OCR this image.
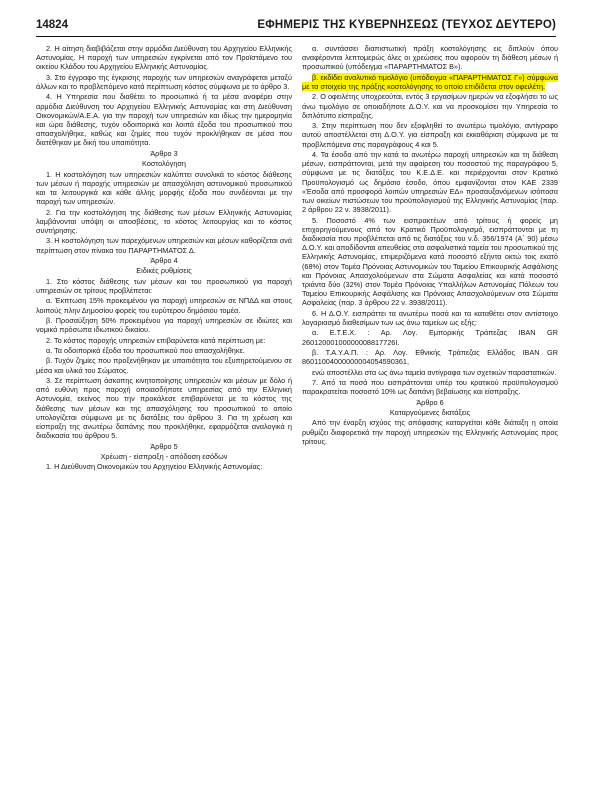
14824	ΕΦΗΜΕΡΙΣ ΤΗΣ ΚΥΒΕΡΝΗΣΕΩΣ (ΤΕΥΧΟΣ ΔΕΥΤΕΡΟ)

2. Η αίτηση διαβιβάζεται στην αρμόδια Διεύθυνση του Αρχηγείου Ελληνικής Αστυνομίας. Η παροχή των υπηρεσιών εγκρίνεται από τον Προϊστάμενο του οικείου Κλάδου του Αρχηγείου Ελληνικής Αστυνομίας.

3. Στο έγγραφο της έγκρισης παροχής των υπηρεσιών αναγράφεται μεταξύ άλλων και το προβλεπόμενο κατά περίπτωση κόστος σύμφωνα με το άρθρο 3.

4. Η Υπηρεσία που διαθέτει το προσωπικό ή τα μέσα αναφέρει στην αρμόδια Διεύθυνση του Αρχηγείου Ελληνικής Αστυνομίας και στη Διεύθυνση Οικονομικών/Α.Ε.Α. για την παροχή των υπηρεσιών και ιδίως την ημερομηνία και ώρα διάθεσης, τυχόν οδοιπορικά και λοιπά έξοδα του προσωπικού που απασχολήθηκε, καθώς και ζημίες που τυχόν προκλήθηκαν σε μέσα που διατέθηκαν με δική του υπαιτιότητα.

Άρθρο 3

Κοστολόγηση

1. Η κοστολόγηση των υπηρεσιών καλύπτει συνολικά το κόστος διάθεσης των μέσων ή παροχής υπηρεσιών με απασχόληση αστυνομικού προσωπικού και τα λειτουργικά και κάθε άλλης μορφής έξοδα που συνδέονται με την παροχή των υπηρεσιών.

2. Για την κοστολόγηση της διάθεσης των μέσων Ελληνικής Αστυνομίας λαμβάνονται υπόψη οι αποσβέσεις, το κόστος λειτουργίας και το κόστος συντήρησης.

3. Η κοστολόγηση των παρεχόμενων υπηρεσιών και μέσων καθορίζεται ανά περίπτωση στον πίνακα του ΠΑΡΑΡΤΗΜΑΤΟΣ Δ.

Άρθρο 4

Ειδικές ρυθμίσεις

1. Στο κόστος διάθεσης των μέσων και του προσωπικού για παροχή υπηρεσιών σε τρίτους προβλέπεται:

α. Έκπτωση 15% προκειμένου για παροχή υπηρεσιών σε ΝΠΔΔ και στους λοιπούς πλην Δημοσίου φορείς του ευρύτερου δημόσιου τομέα.

β. Προσαύξηση 50% προκειμένου για παροχή υπηρεσιών σε ιδιώτες και νομικά πρόσωπα ιδιωτικού δικαίου.

2. Το κόστος παροχής υπηρεσιών επιβαρύνεται κατά περίπτωση με:

α. Τα οδοιπορικά έξοδα του προσωπικού που απασχολήθηκε.

β. Τυχόν ζημίες που προξενήθηκαν με υπαιτιότητα του εξυπηρετούμενου σε μέσα και υλικά του Σώματος.

3. Σε περίπτωση άσκοπης κινητοποίησης υπηρεσιών και μέσων με δόλο ή από ευθύνη προς παροχή οποιασδήποτε υπηρεσίας από την Ελληνική Αστυνομία, εκείνος που την προκάλεσε επιβαρύνεται με το κόστος της διάθεσης των μέσων και της απασχόλησης του προσωπικού το οποίο υπολογίζεται σύμφωνα με τις διατάξεις του άρθρου 3. Για τη χρέωση και είσπραξη της ανωτέρω δαπάνης που προκλήθηκε, εφαρμόζεται αναλογικά η διαδικασία του άρθρου 5.

Άρθρο 5

Χρέωση - είσπραξη - απόδοση εσόδων

1. Η Διεύθυνση Οικονομικών του Αρχηγείου Ελληνικής Αστυνομίας:

α. συντάσσει διαπιστωτική πράξη κοστολόγησης εις διπλούν όπου αναφέρονται λεπτομερώς όλες οι χρεώσεις που αφορούν τη διάθεση μέσων ή προσωπικού (υπόδειγμα «ΠΑΡΑΡΤΗΜΑΤΟΣ Β»).

β. εκδίδει αναλυτικό τιμολόγιο (υπόδειγμα «ΠΑΡΑΡΤΗΜΑΤΟΣ Γ») σύμφωνα με τα στοιχεία της πράξης κοστολόγησης το οποίο επιδίδεται στον οφειλέτη.

2. Ο οφειλέτης υποχρεούται, εντός 3 εργασίμων ημερών να εξοφλήσει το ως άνω τιμολόγιο σε οποιαδήποτε Δ.Ο.Υ. και να προσκομίσει την Υπηρεσία το διπλότυπο είσπραξης.

3. Στην περίπτωση που δεν εξοφληθεί το ανωτέρω τιμολόγιο, αντίγραφο αυτού αποστέλλεται στη Δ.Ο.Υ. για είσπραξη και εκκαθάριση σύμφωνα με τα προβλεπόμενα στις παραγράφους 4 και 5.

4. Τα έσοδα από την κατά τα ανωτέρω παροχή υπηρεσιών και τη διάθεση μέσων, εισπράττονται, μετά την αφαίρεση του ποσοστού της παραγράφου 5, σύμφωνα με τις διατάξεις του Κ.Ε.Δ.Ε. και περιέρχονται στον Κρατικό Προϋπολογισμό ως δημόσιο έσοδο, όπου εμφανίζονται στον ΚΑΕ 2339 «Έσοδα από προσφορά λοιπών υπηρεσιών ΕΔ» προσαυξανόμενων ισόποσα των οικείων πιστώσεων του προϋπολογισμού της Ελληνικής Αστυνομίας (παρ. 2 άρθρου 22 ν. 3938/2011).

5. Ποσοστό 4% των εισπρακτέων από τρίτους ή φορείς μη επιχορηγούμενους από τον Κρατικό Προϋπολογισμό, εισπράττονται με τη διαδικασία που προβλέπεται από τις διατάξεις του ν.δ. 356/1974 (Α΄ 90) μέσω Δ.Ο.Υ. και αποδίδονται απευθείας στα ασφαλιστικά ταμεία του προσωπικού της Ελληνικής Αστυνομίας, επιμεριζόμενα κατά ποσοστό εξήντα οκτώ τοις εκατό (68%) στον Τομέα Πρόνοιας Αστυνομικών του Ταμείου Επικουρικής Ασφάλισης και Πρόνοιας Απασχολούμενων στα Σώματα Ασφαλείας και κατά ποσοστό τριάντα δύο (32%) στον Τομέα Πρόνοιας Υπαλλήλων Αστυνομίας Πόλεων του Ταμείου Επικουρικής Ασφάλισης και Πρόνοιας Απασχολούμενων στα Σώματα Ασφαλείας (παρ. 3 άρθρου 22 ν. 3938/2011).

6. Η Δ.Ο.Υ. εισπράττει τα ανωτέρω ποσά και τα καταθέτει στον αντίστοιχο λογαριασμό διαθεσίμων των ως άνω ταμείων ως εξής:

α. Ε.Τ.Ε.Χ. : Αρ. Λογ. Εμπορικής Τράπεζας IBAN GR 26012000100000008817726І.

β. Τ.Α.Υ.Α.Π. : Αρ. Λογ. Εθνικής Τράπεζας Ελλάδος IBAN GR 86011004000000004054590361,

ενώ αποστέλλει στα ως άνω ταμεία αντίγραφα των σχετικών παραστατικών.

7. Από τα ποσά που εισπράττονται υπέρ του κρατικού προϋπολογισμού παρακρατείται ποσοστό 10% ως δαπάνη βεβαίωσης και είσπραξης.

Άρθρο 6

Καταργούμενες διατάξεις

Από την έναρξη ισχύος της απόφασης καταργείται κάθε διάταξη η οποία ρυθμίζει διαφορετικά την παροχή υπηρεσιών της Ελληνικής Αστυνομίας προς τρίτους.
